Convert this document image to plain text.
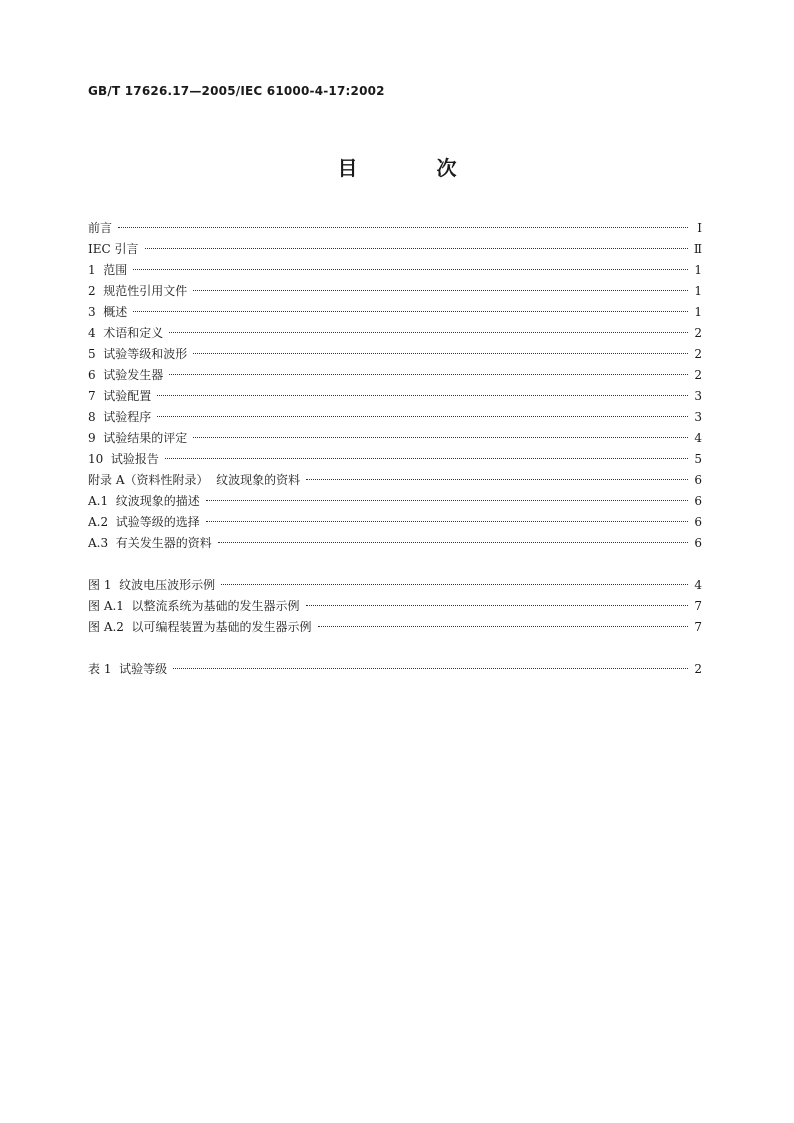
GB/T 17626.17—2005/IEC 61000-4-17:2002
目 次
前言	I
IEC 引言	Ⅱ
1  范围	1
2  规范性引用文件	1
3  概述	1
4  术语和定义	2
5  试验等级和波形	2
6  试验发生器	2
7  试验配置	3
8  试验程序	3
9  试验结果的评定	4
10  试验报告	5
附录 A（资料性附录）  纹波现象的资料	6
A.1  纹波现象的描述	6
A.2  试验等级的选择	6
A.3  有关发生器的资料	6
图 1  纹波电压波形示例	4
图 A.1  以整流系统为基础的发生器示例	7
图 A.2  以可编程装置为基础的发生器示例	7
表 1  试验等级	2
